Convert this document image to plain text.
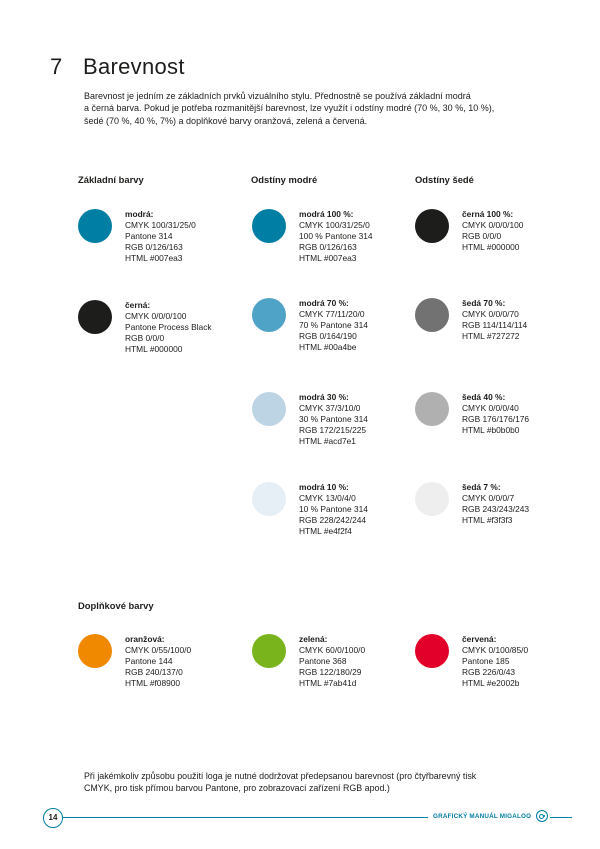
7 Barevnost
Barevnost je jedním ze základních prvků vizuálního stylu. Přednostně se používá základní modrá
a černá barva. Pokud je potřeba rozmanitější barevnost, lze využít i odstíny modré (70 %, 30 %, 10 %),
šedé (70 %, 40 %, 7%) a doplňkové barvy oranžová, zelená a červená.
Základní barvy	Odstíny modré	Odstíny šedé
modrá:
CMYK 100/31/25/0
Pantone 314
RGB 0/126/163
HTML #007ea3
černá:
CMYK 0/0/0/100
Pantone Process Black
RGB 0/0/0
HTML #000000
modrá 100 %:
CMYK 100/31/25/0
100 % Pantone 314
RGB 0/126/163
HTML #007ea3
modrá 70 %:
CMYK 77/11/20/0
70 % Pantone 314
RGB 0/164/190
HTML #00a4be
modrá 30 %:
CMYK 37/3/10/0
30 % Pantone 314
RGB 172/215/225
HTML #acd7e1
modrá 10 %:
CMYK 13/0/4/0
10 % Pantone 314
RGB 228/242/244
HTML #e4f2f4
černá 100 %:
CMYK 0/0/0/100
RGB 0/0/0
HTML #000000
šedá 70 %:
CMYK 0/0/0/70
RGB 114/114/114
HTML #727272
šedá 40 %:
CMYK 0/0/0/40
RGB 176/176/176
HTML #b0b0b0
šedá 7 %:
CMYK 0/0/0/7
RGB 243/243/243
HTML #f3f3f3
Doplňkové barvy
oranžová:
CMYK 0/55/100/0
Pantone 144
RGB 240/137/0
HTML #f08900
zelená:
CMYK 60/0/100/0
Pantone 368
RGB 122/180/29
HTML #7ab41d
červená:
CMYK 0/100/85/0
Pantone 185
RGB 226/0/43
HTML #e2002b
Při jakémkoliv způsobu použití loga je nutné dodržovat předepsanou barevnost (pro čtyřbarevný tisk
CMYK, pro tisk přímou barvou Pantone, pro zobrazovací zařízení RGB apod.)
14	GRAFICKÝ MANUÁL MIGALOO
